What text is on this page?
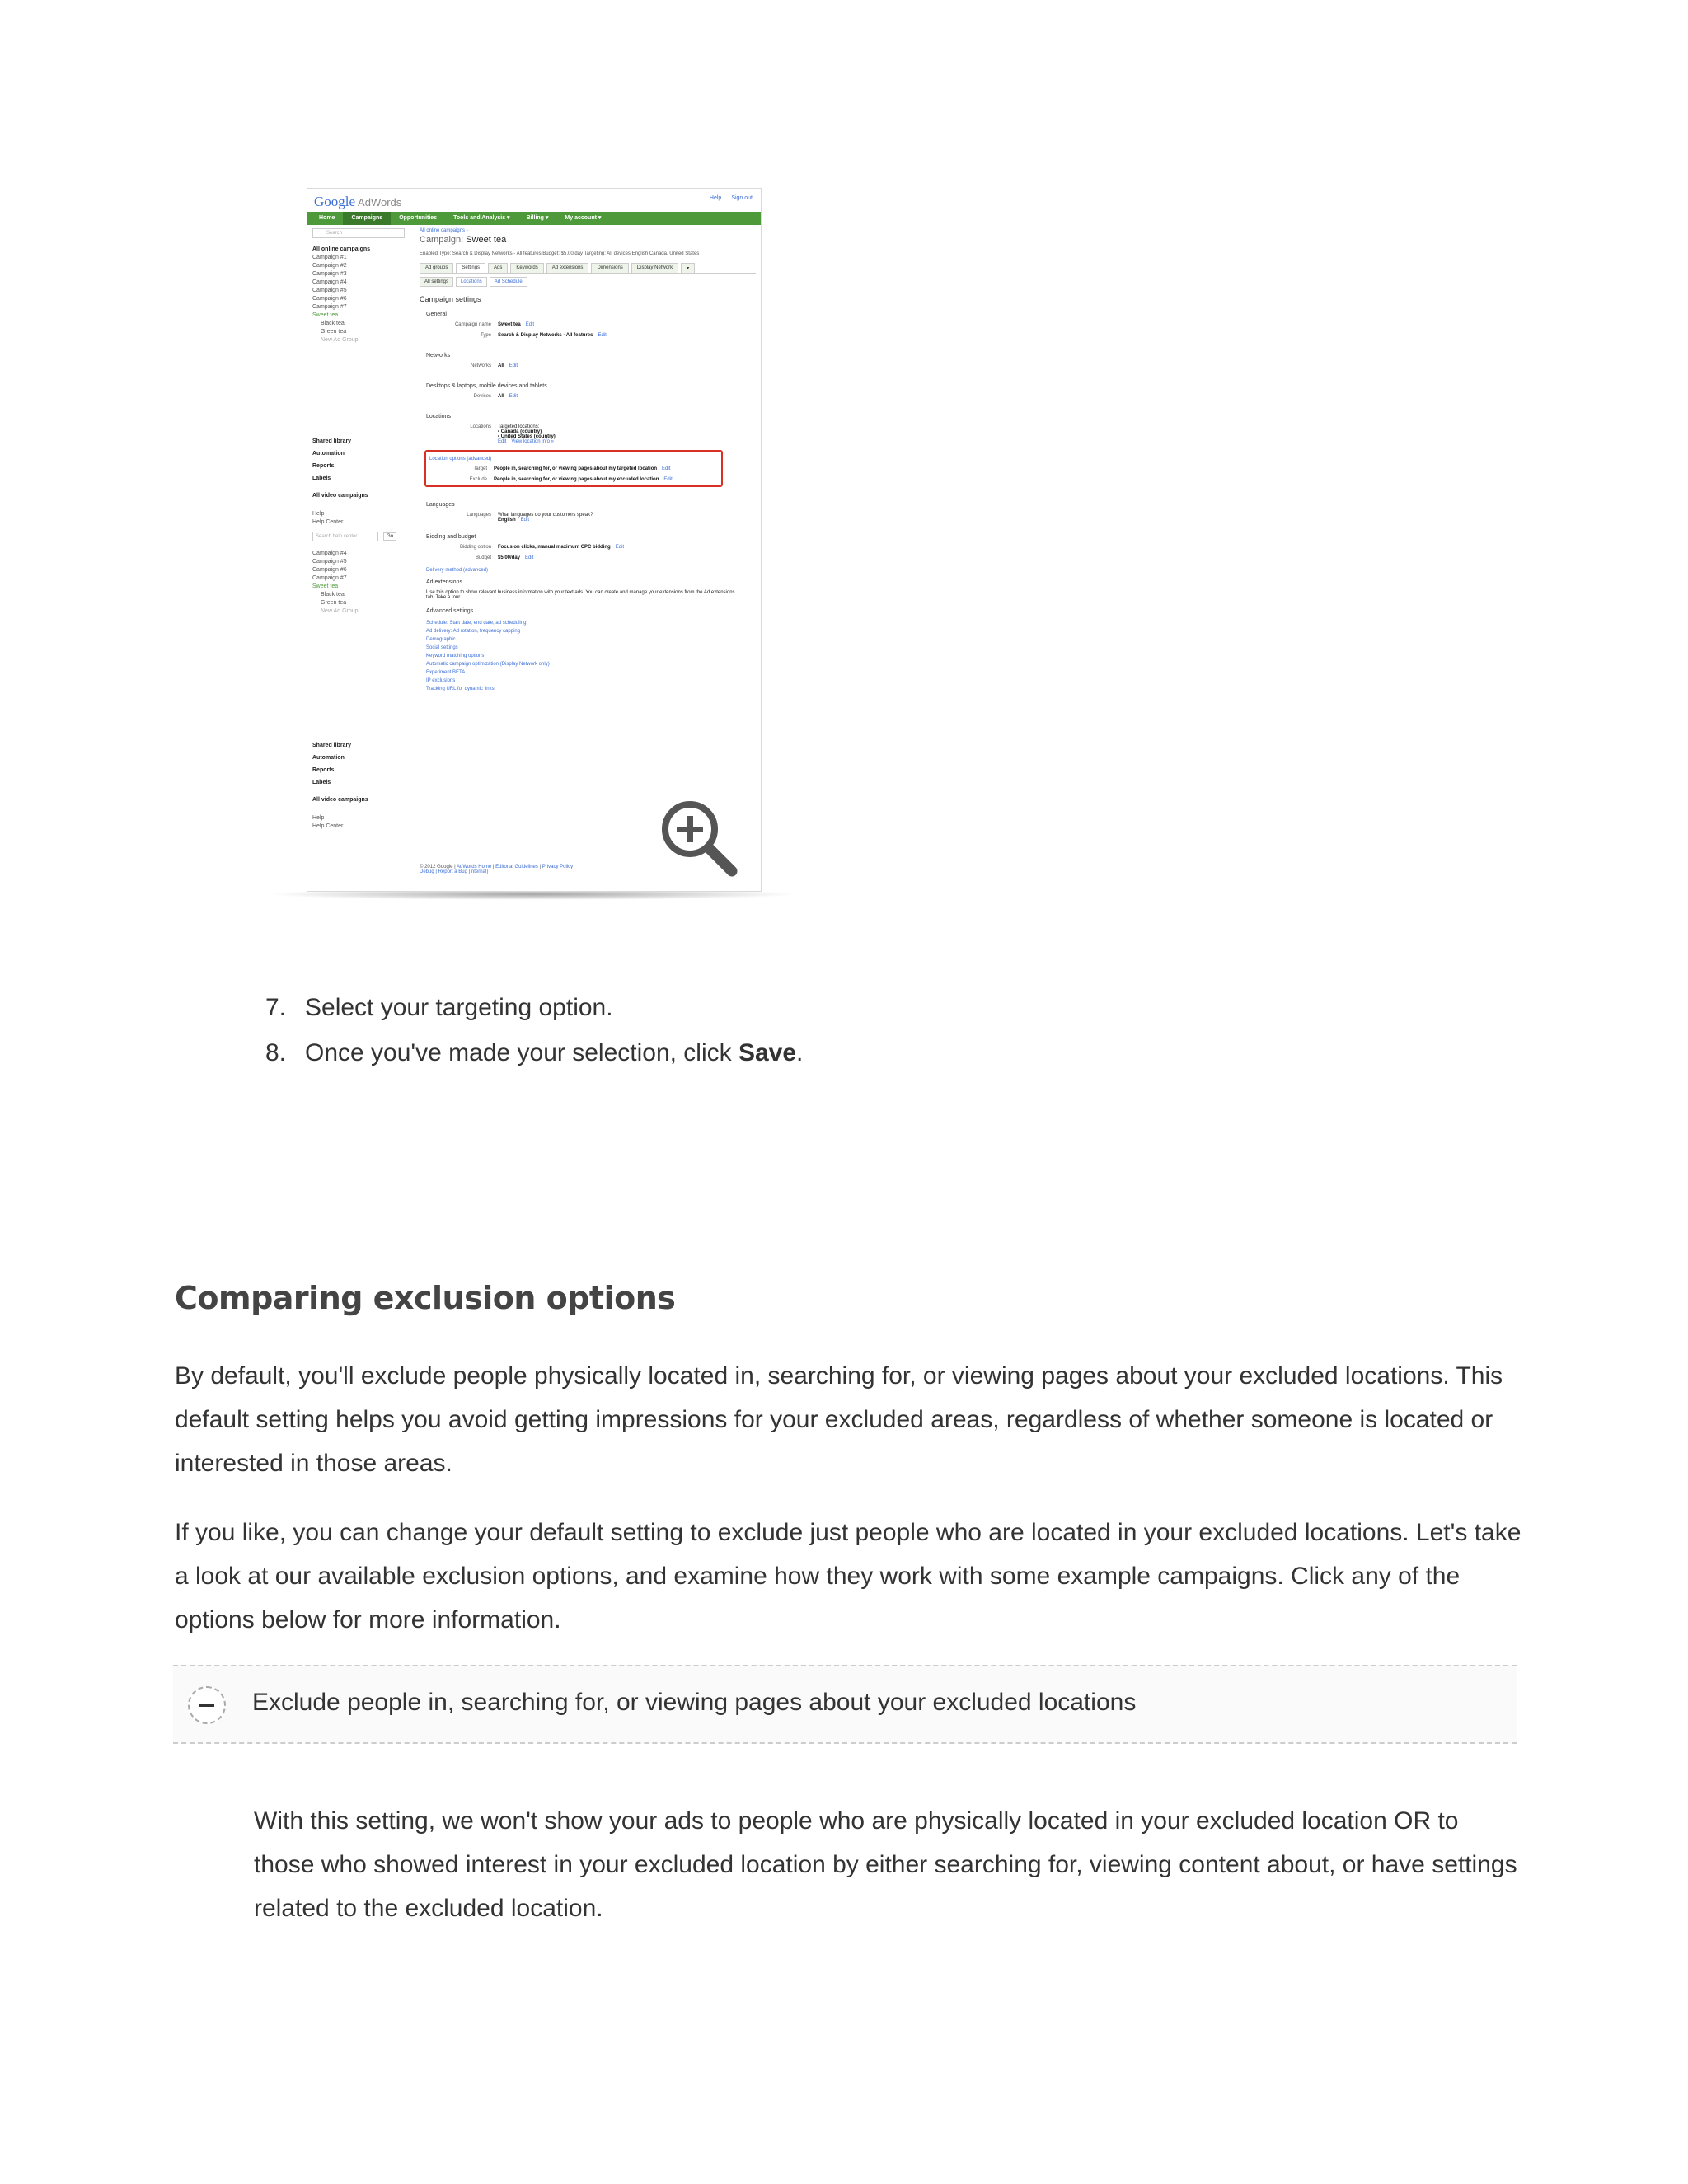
Google AdWords	Help Sign out
Home	Campaigns	Opportunities	Tools and Analysis ▾	Billing ▾	My account ▾
Search
All online campaigns
Campaign #1
Campaign #2
Campaign #3
Campaign #4
Campaign #5
Campaign #6
Campaign #7
Sweet tea
Black tea
Green tea
New Ad Group
Shared library
Automation
Reports
Labels
All video campaigns
Help
Help Center
Search help center	Go
Campaign #4
Campaign #5
Campaign #6
Campaign #7
Sweet tea
Black tea
Green tea
New Ad Group
Shared library
Automation
Reports
Labels
All video campaigns
Help
Help Center
All online campaigns ›
Campaign: Sweet tea
Enabled Type: Search & Display Networks - All features Budget: $5.00/day Targeting: All devices English Canada, United States
Ad groups	Settings	Ads	Keywords	Ad extensions	Dimensions	Display Network	▾
All settings	Locations	Ad Schedule
Campaign settings
General
Campaign name	Sweet tea Edit
Type	Search & Display Networks - All features Edit
Networks
Networks	All Edit
Desktops & laptops, mobile devices and tablets
Devices	All Edit
Locations
Locations	Targeted locations:
• Canada (country)
• United States (country)
Edit View location info »
Location options (advanced)
Target	People in, searching for, or viewing pages about my targeted location Edit
Exclude	People in, searching for, or viewing pages about my excluded location Edit
Languages
Languages	What languages do your customers speak?
English Edit
Bidding and budget
Bidding option	Focus on clicks, manual maximum CPC bidding Edit
Budget	$5.00/day Edit
Delivery method (advanced)
Ad extensions
Use this option to show relevant business information with your text ads. You can create and manage your extensions from the Ad extensions tab. Take a tour.
Advanced settings
Schedule: Start date, end date, ad scheduling
Ad delivery: Ad rotation, frequency capping
Demographic
Social settings
Keyword matching options
Automatic campaign optimization (Display Network only)
Experiment BETA
IP exclusions
Tracking URL for dynamic links
© 2012 Google | AdWords Home | Editorial Guidelines | Privacy Policy
Debug | Report a Bug (internal)
7. Select your targeting option.
8. Once you've made your selection, click Save.
Comparing exclusion options
By default, you'll exclude people physically located in, searching for, or viewing pages about your excluded locations. This default setting helps you avoid getting impressions for your excluded areas, regardless of whether someone is located or interested in those areas.
If you like, you can change your default setting to exclude just people who are located in your excluded locations. Let's take a look at our available exclusion options, and examine how they work with some example campaigns. Click any of the options below for more information.
Exclude people in, searching for, or viewing pages about your excluded locations
With this setting, we won't show your ads to people who are physically located in your excluded location OR to those who showed interest in your excluded location by either searching for, viewing content about, or have settings related to the excluded location.
